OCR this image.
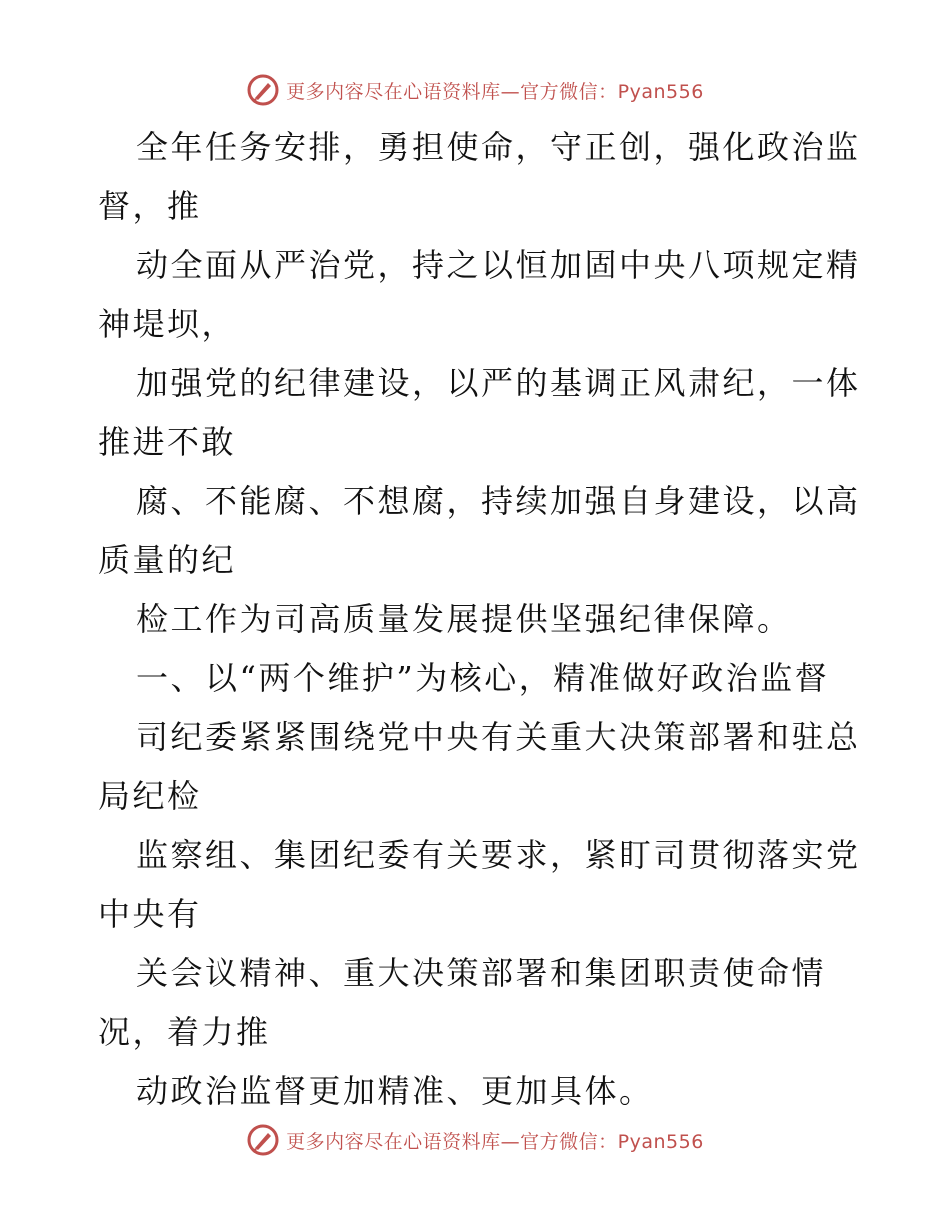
更多内容尽在心语资料库—官方微信：Pyan556
全年任务安排，勇担使命，守正创，强化政治监
督，推
动全面从严治党，持之以恒加固中央八项规定精
神堤坝，
加强党的纪律建设，以严的基调正风肃纪，一体
推进不敢
腐、不能腐、不想腐，持续加强自身建设，以高
质量的纪
检工作为司高质量发展提供坚强纪律保障。
一、以“两个维护”为核心，精准做好政治监督
司纪委紧紧围绕党中央有关重大决策部署和驻总
局纪检
监察组、集团纪委有关要求，紧盯司贯彻落实党
中央有
关会议精神、重大决策部署和集团职责使命情
况，着力推
动政治监督更加精准、更加具体。
更多内容尽在心语资料库—官方微信：Pyan556
